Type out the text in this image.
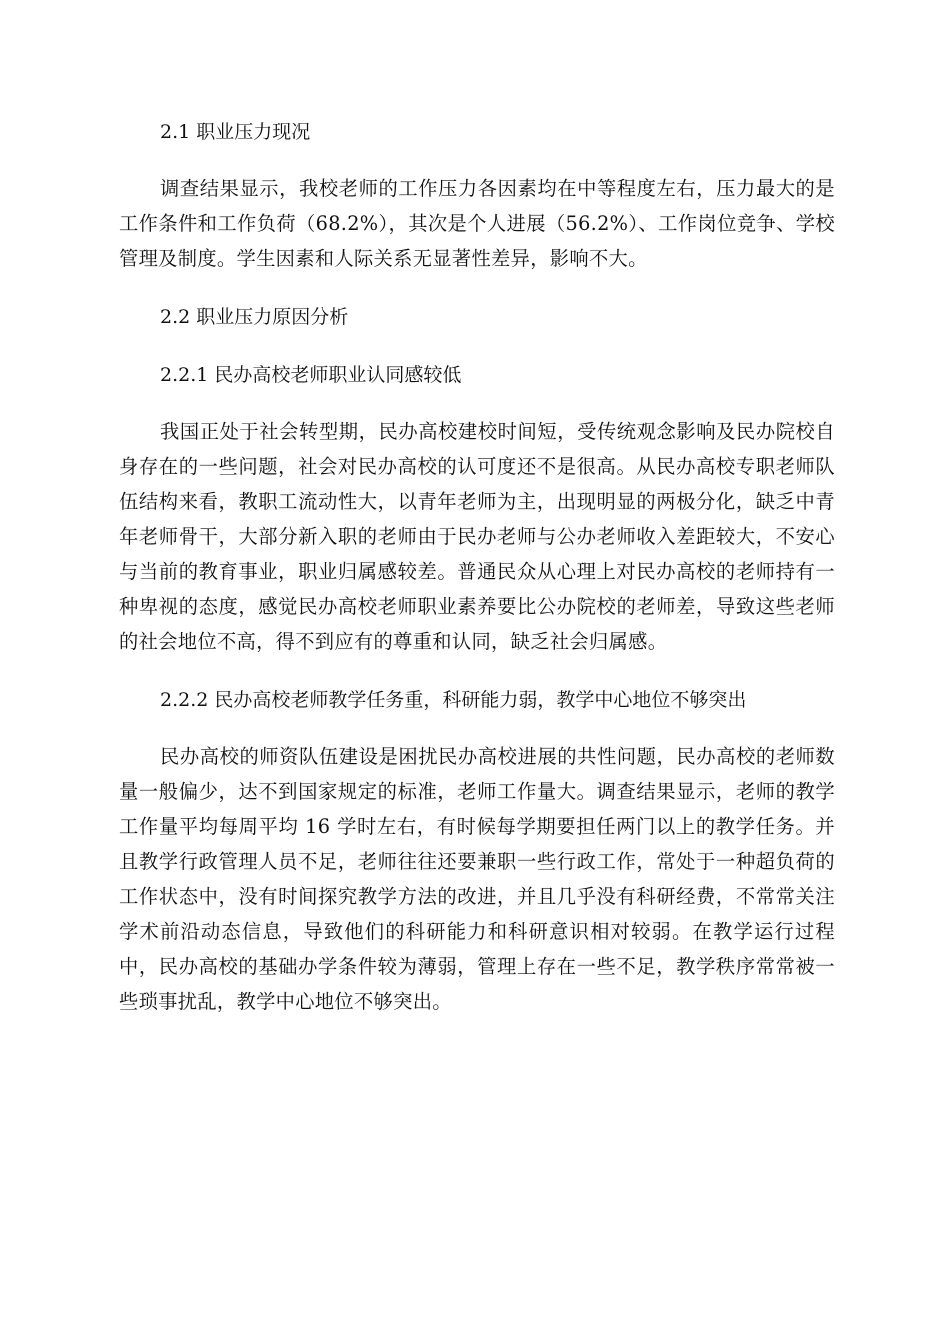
2.1 职业压力现况

调查结果显示，我校老师的工作压力各因素均在中等程度左右，压力最大的是工作条件和工作负荷（68.2%），其次是个人进展（56.2%）、工作岗位竞争、学校管理及制度。学生因素和人际关系无显著性差异，影响不大。

2.2 职业压力原因分析
2.2.1 民办高校老师职业认同感较低

我国正处于社会转型期，民办高校建校时间短，受传统观念影响及民办院校自身存在的一些问题，社会对民办高校的认可度还不是很高。从民办高校专职老师队伍结构来看，教职工流动性大，以青年老师为主，出现明显的两极分化，缺乏中青年老师骨干，大部分新入职的老师由于民办老师与公办老师收入差距较大，不安心与当前的教育事业，职业归属感较差。普通民众从心理上对民办高校的老师持有一种卑视的态度，感觉民办高校老师职业素养要比公办院校的老师差，导致这些老师的社会地位不高，得不到应有的尊重和认同，缺乏社会归属感。

2.2.2 民办高校老师教学任务重，科研能力弱，教学中心地位不够突出

民办高校的师资队伍建设是困扰民办高校进展的共性问题，民办高校的老师数量一般偏少，达不到国家规定的标准，老师工作量大。调查结果显示，老师的教学工作量平均每周平均 16 学时左右，有时候每学期要担任两门以上的教学任务。并且教学行政管理人员不足，老师往往还要兼职一些行政工作，常处于一种超负荷的工作状态中，没有时间探究教学方法的改进，并且几乎没有科研经费，不常常关注学术前沿动态信息，导致他们的科研能力和科研意识相对较弱。在教学运行过程中，民办高校的基础办学条件较为薄弱，管理上存在一些不足，教学秩序常常被一些琐事扰乱，教学中心地位不够突出。
